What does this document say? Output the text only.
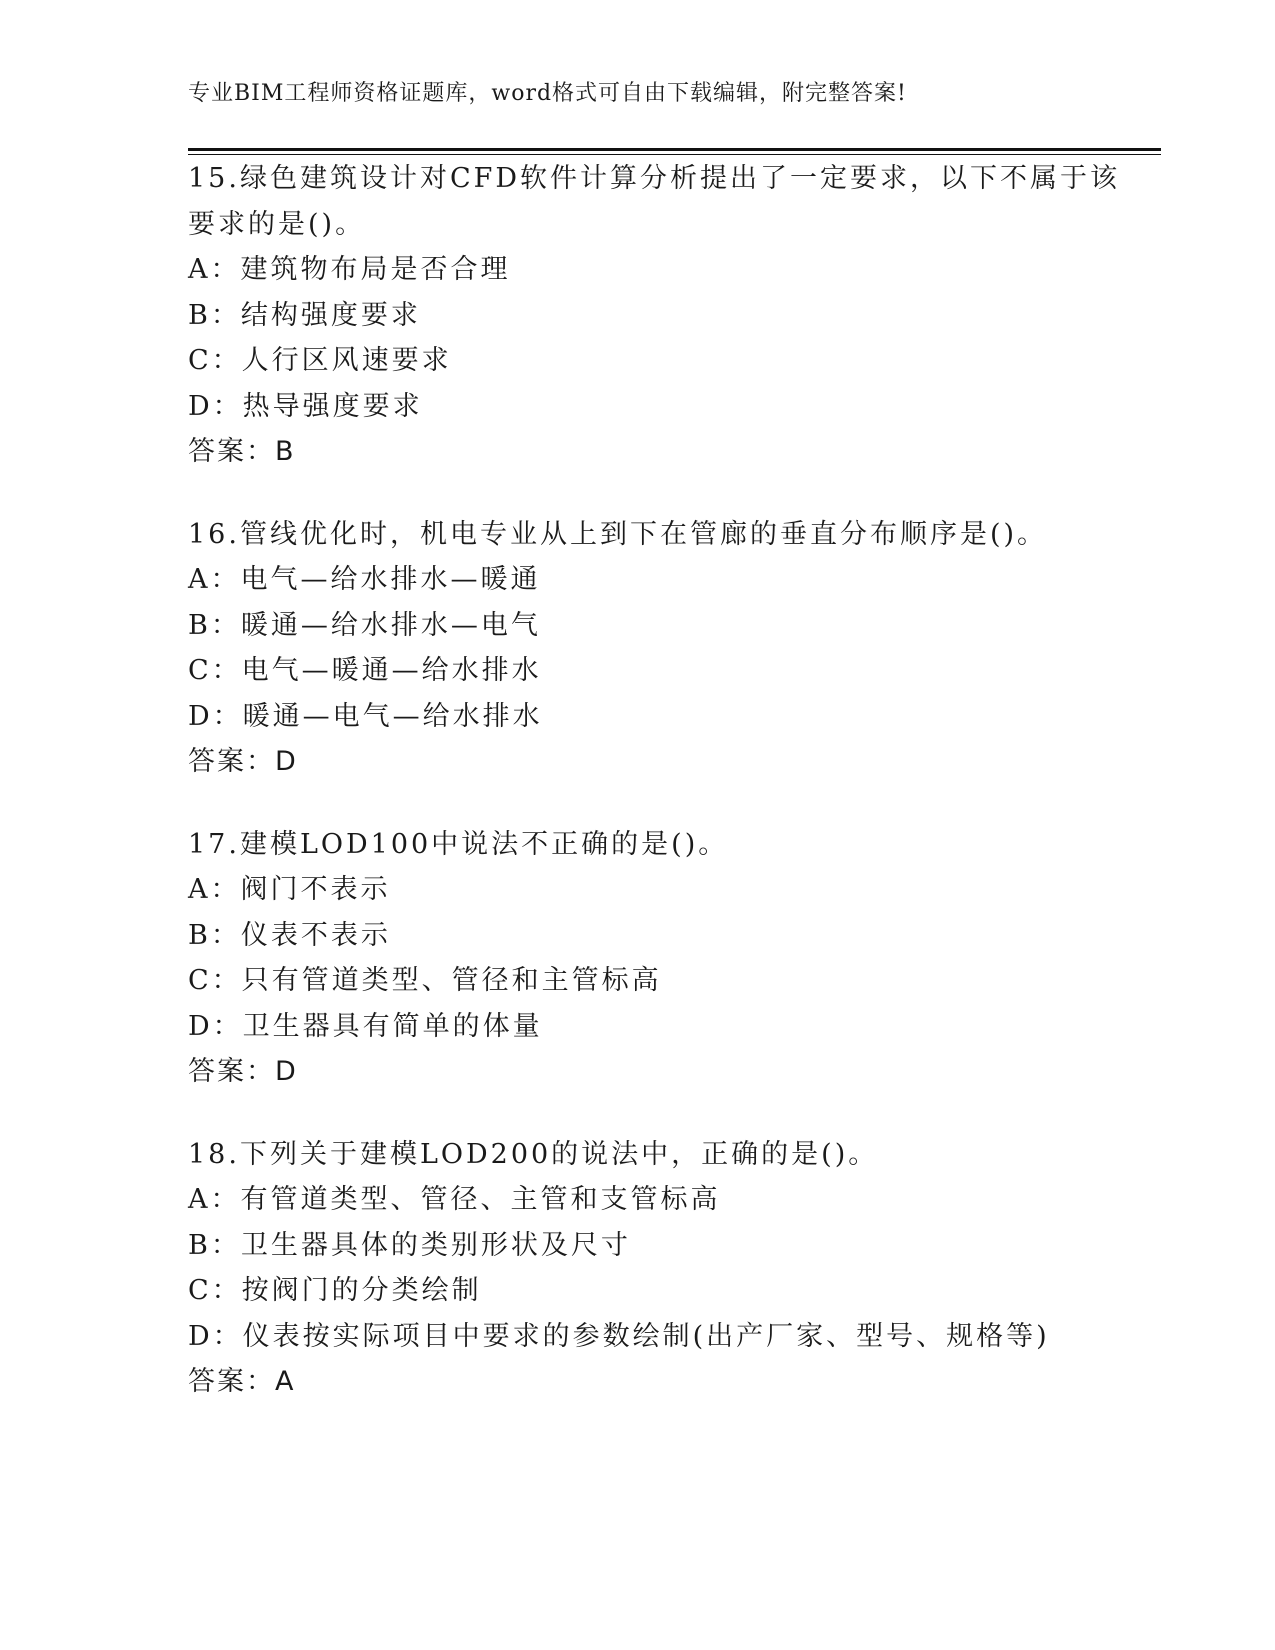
专业BIM工程师资格证题库，word格式可自由下载编辑，附完整答案!
15.绿色建筑设计对CFD软件计算分析提出了一定要求，以下不属于该
要求的是()。
A：建筑物布局是否合理
B：结构强度要求
C：人行区风速要求
D：热导强度要求
答案：B
16.管线优化时，机电专业从上到下在管廊的垂直分布顺序是()。
A：电气—给水排水—暖通
B：暖通—给水排水—电气
C：电气—暖通—给水排水
D：暖通—电气—给水排水
答案：D
17.建模LOD100中说法不正确的是()。
A：阀门不表示
B：仪表不表示
C：只有管道类型、管径和主管标高
D：卫生器具有简单的体量
答案：D
18.下列关于建模LOD200的说法中，正确的是()。
A：有管道类型、管径、主管和支管标高
B：卫生器具体的类别形状及尺寸
C：按阀门的分类绘制
D：仪表按实际项目中要求的参数绘制(出产厂家、型号、规格等)
答案：A
